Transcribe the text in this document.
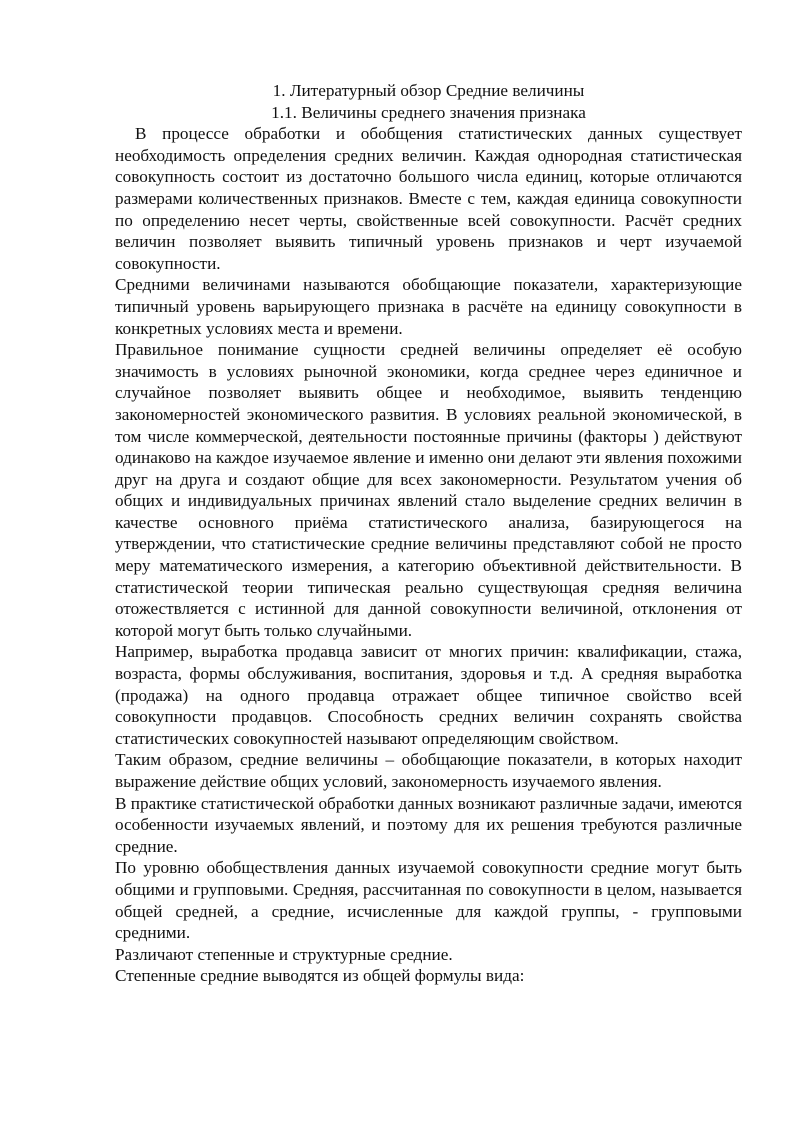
1. Литературный обзор Средние величины

1.1. Величины среднего значения признака

В процессе обработки и обобщения статистических данных существует необходимость определения средних величин. Каждая однородная статистическая совокупность состоит из достаточно большого числа единиц, которые отличаются размерами количественных признаков. Вместе с тем, каждая единица совокупности по определению несет черты, свойственные всей совокупности. Расчёт средних величин позволяет выявить типичный уровень признаков и черт изучаемой совокупности.

Средними величинами называются обобщающие показатели, характеризующие типичный уровень варьирующего признака в расчёте на единицу совокупности в конкретных условиях места и времени.

Правильное понимание сущности средней величины определяет её особую значимость в условиях рыночной экономики, когда среднее через единичное и случайное позволяет выявить общее и необходимое, выявить тенденцию закономерностей экономического развития. В условиях реальной экономической, в том числе коммерческой, деятельности постоянные причины (факторы ) действуют одинаково на каждое изучаемое явление и именно они делают эти явления похожими друг на друга и создают общие для всех закономерности. Результатом учения об общих и индивидуальных причинах явлений стало выделение средних величин в качестве основного приёма статистического анализа, базирующегося на утверждении, что статистические средние величины представляют собой не просто меру математического измерения, а категорию объективной действительности. В статистической теории типическая реально существующая средняя величина отожествляется с истинной для данной совокупности величиной, отклонения от которой могут быть только случайными.

Например, выработка продавца зависит от многих причин: квалификации, стажа, возраста, формы обслуживания, воспитания, здоровья и т.д. А средняя выработка (продажа) на одного продавца отражает общее типичное свойство всей совокупности продавцов. Способность средних величин сохранять свойства статистических совокупностей называют определяющим свойством.

Таким образом, средние величины – обобщающие показатели, в которых находит выражение действие общих условий, закономерность изучаемого явления.

В практике статистической обработки данных возникают различные задачи, имеются особенности изучаемых явлений, и поэтому для их решения требуются различные средние.

По уровню обобществления данных изучаемой совокупности средние могут быть общими и групповыми. Средняя, рассчитанная по совокупности в целом, называется общей средней, а средние, исчисленные для каждой группы, - групповыми средними.

Различают степенные и структурные средние.

Степенные средние выводятся из общей формулы вида:
